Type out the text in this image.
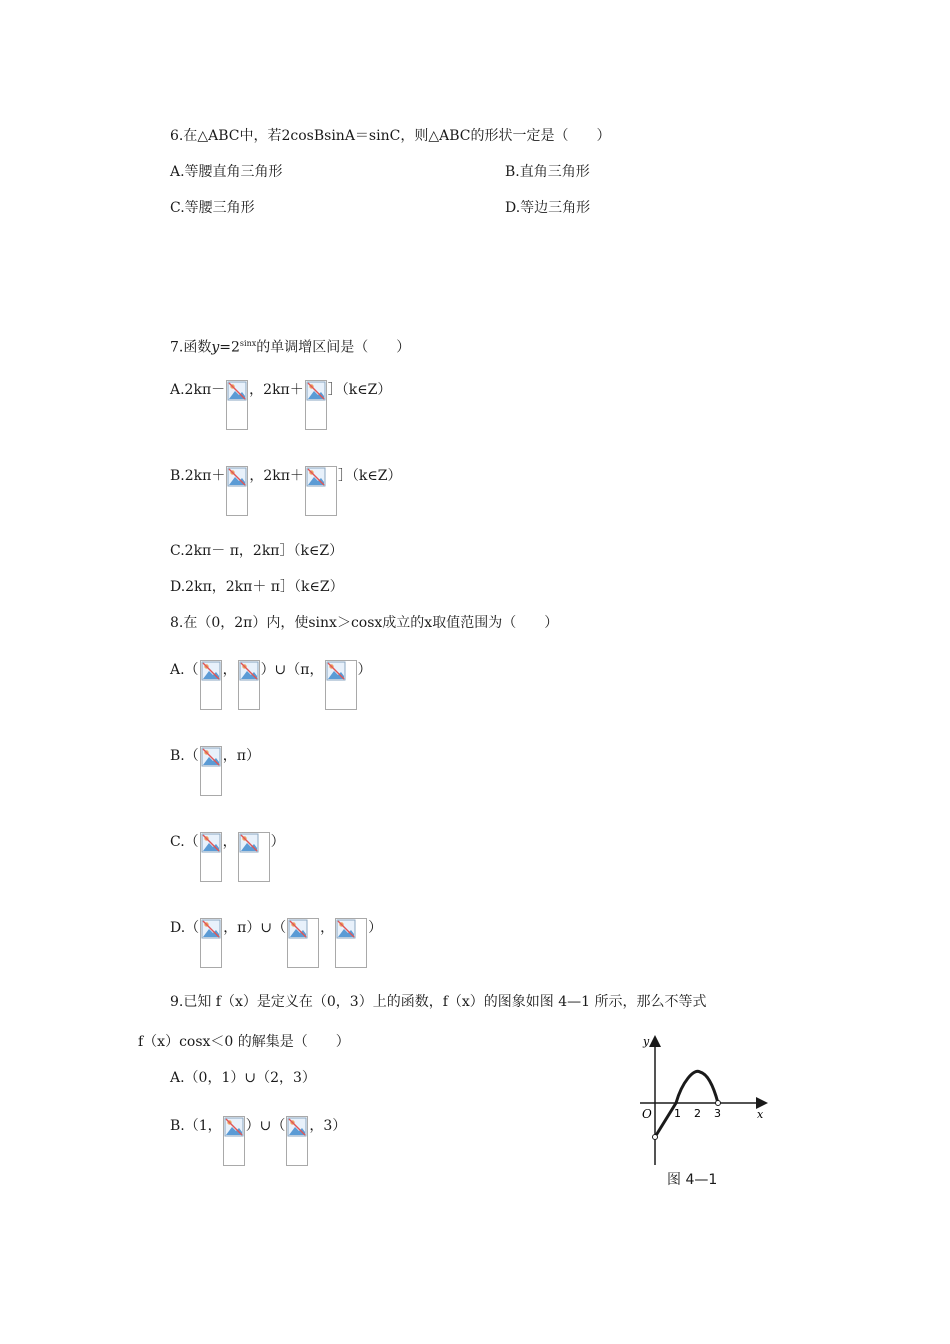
6.在△ABC中，若2cosBsinA＝sinC，则△ABC的形状一定是（　　）
A.等腰直角三角形	B.直角三角形
C.等腰三角形	D.等边三角形
7.函数$y=2^{sinx}$的单调增区间是（　　）
A.2kπ－ ，2kπ＋ ］（k∈Z）
B.2kπ＋ ，2kπ＋ ］（k∈Z）
C.2kπ－ π，2kπ］（k∈Z）
D.2kπ，2kπ＋ π］（k∈Z）
8.在（0，2π）内，使sinx＞cosx成立的x取值范围为（　　）
A.（ ， ）∪（π， ）
B.（ ，π）
C.（ ， ）
D.（ ，π）∪（ ， ）
9.已知 f（x）是定义在（0，3）上的函数，f（x）的图象如图 4—1 所示，那么不等式
f（x）cosx＜0 的解集是（　　）
A.（0，1）∪（2，3）
B.（1， ）∪（ ，3）
y
x
O 1 2 3
图 4—1
